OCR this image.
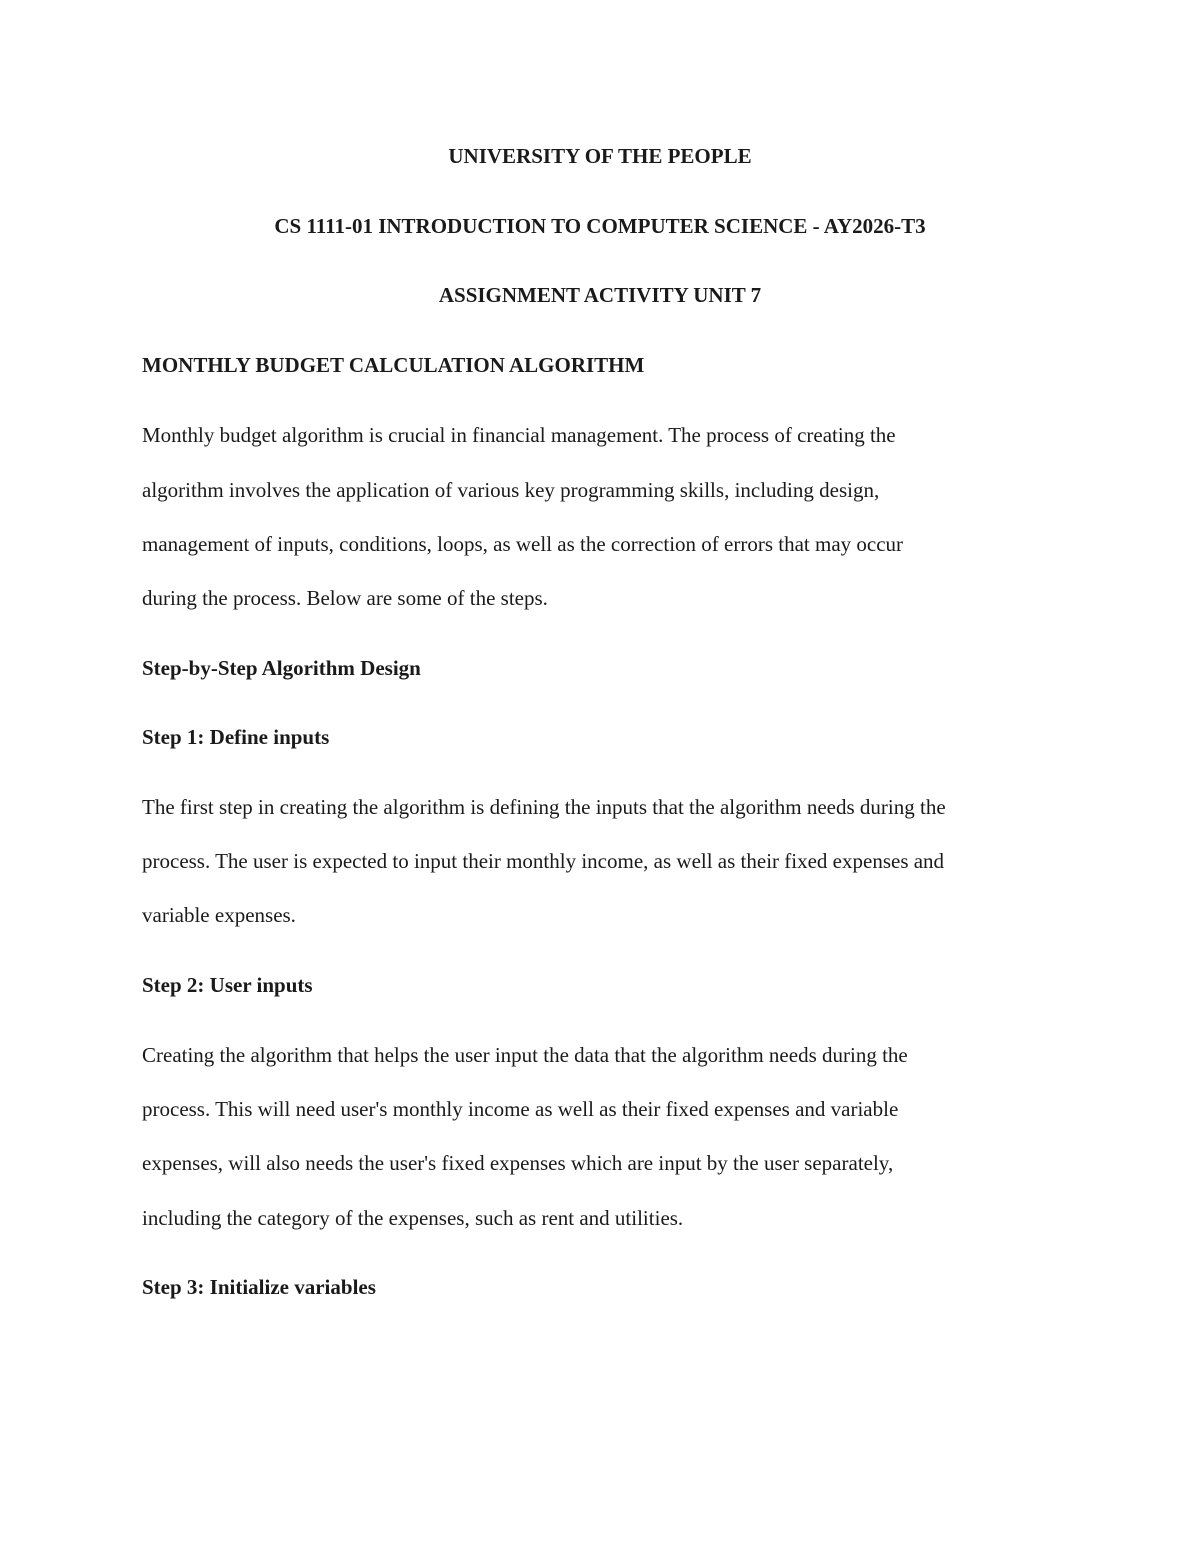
UNIVERSITY OF THE PEOPLE

CS 1111-01 INTRODUCTION TO COMPUTER SCIENCE - AY2026-T3

ASSIGNMENT ACTIVITY UNIT 7

MONTHLY BUDGET CALCULATION ALGORITHM

Monthly budget algorithm is crucial in financial management. The process of creating the

algorithm involves the application of various key programming skills, including design,

management of inputs, conditions, loops, as well as the correction of errors that may occur

during the process. Below are some of the steps.

Step-by-Step Algorithm Design

Step 1: Define inputs

The first step in creating the algorithm is defining the inputs that the algorithm needs during the

process. The user is expected to input their monthly income, as well as their fixed expenses and

variable expenses.

Step 2: User inputs

Creating the algorithm that helps the user input the data that the algorithm needs during the

process. This will need user's monthly income as well as their fixed expenses and variable

expenses, will also needs the user's fixed expenses which are input by the user separately,

including the category of the expenses, such as rent and utilities.

Step 3: Initialize variables
